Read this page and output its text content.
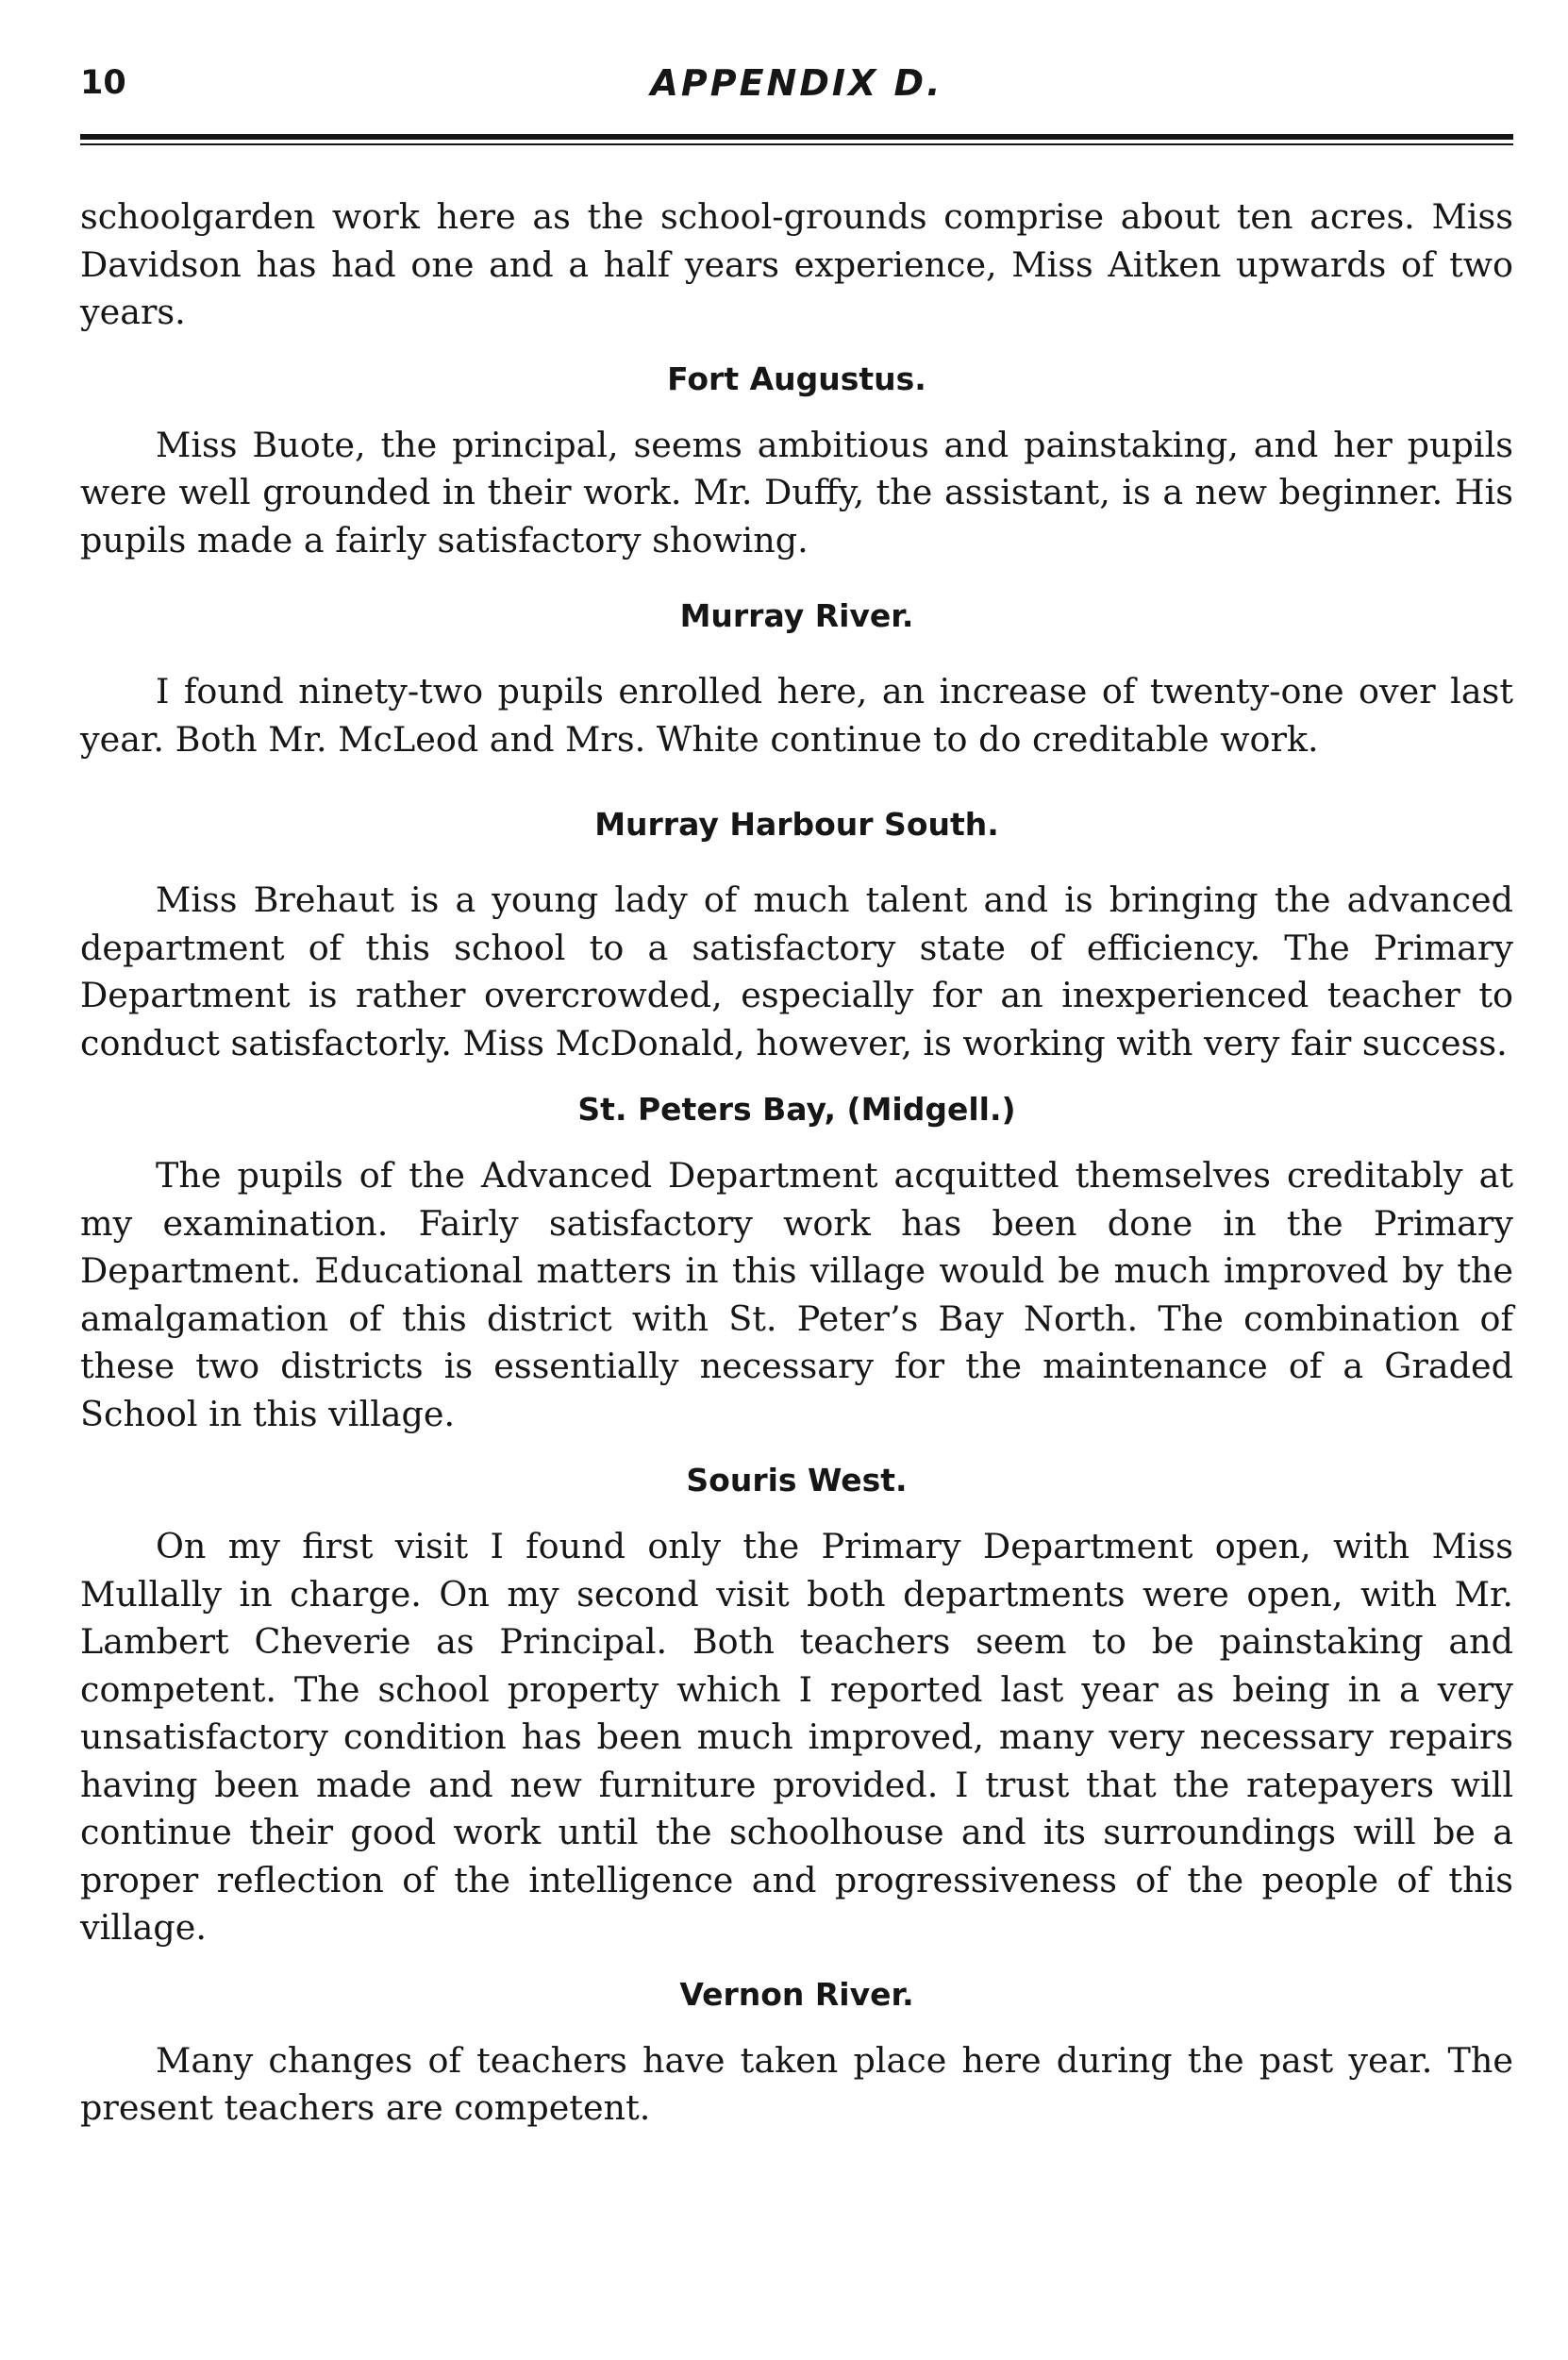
10	APPENDIX D.

schoolgarden work here as the school-grounds comprise about ten acres. Miss Davidson has had one and a half years experience, Miss Aitken upwards of two years.

Fort Augustus.

Miss Buote, the principal, seems ambitious and painstaking, and her pupils were well grounded in their work. Mr. Duffy, the assistant, is a new beginner. His pupils made a fairly satisfactory showing.

Murray River.

I found ninety-two pupils enrolled here, an increase of twenty-one over last year. Both Mr. McLeod and Mrs. White continue to do creditable work.

Murray Harbour South.

Miss Brehaut is a young lady of much talent and is bringing the advanced department of this school to a satisfactory state of efficiency. The Primary Department is rather overcrowded, especially for an inexperienced teacher to conduct satisfactorly. Miss McDonald, however, is working with very fair success.

St. Peters Bay, (Midgell.)

The pupils of the Advanced Department acquitted themselves creditably at my examination. Fairly satisfactory work has been done in the Primary Department. Educational matters in this village would be much improved by the amalgamation of this district with St. Peter’s Bay North. The combination of these two districts is essentially necessary for the maintenance of a Graded School in this village.

Souris West.

On my first visit I found only the Primary Department open, with Miss Mullally in charge. On my second visit both departments were open, with Mr. Lambert Cheverie as Principal. Both teachers seem to be painstaking and competent. The school property which I reported last year as being in a very unsatisfactory condition has been much improved, many very necessary repairs having been made and new furniture provided. I trust that the ratepayers will continue their good work until the schoolhouse and its surroundings will be a proper reflection of the intelligence and progressiveness of the people of this village.

Vernon River.

Many changes of teachers have taken place here during the past year. The present teachers are competent.
